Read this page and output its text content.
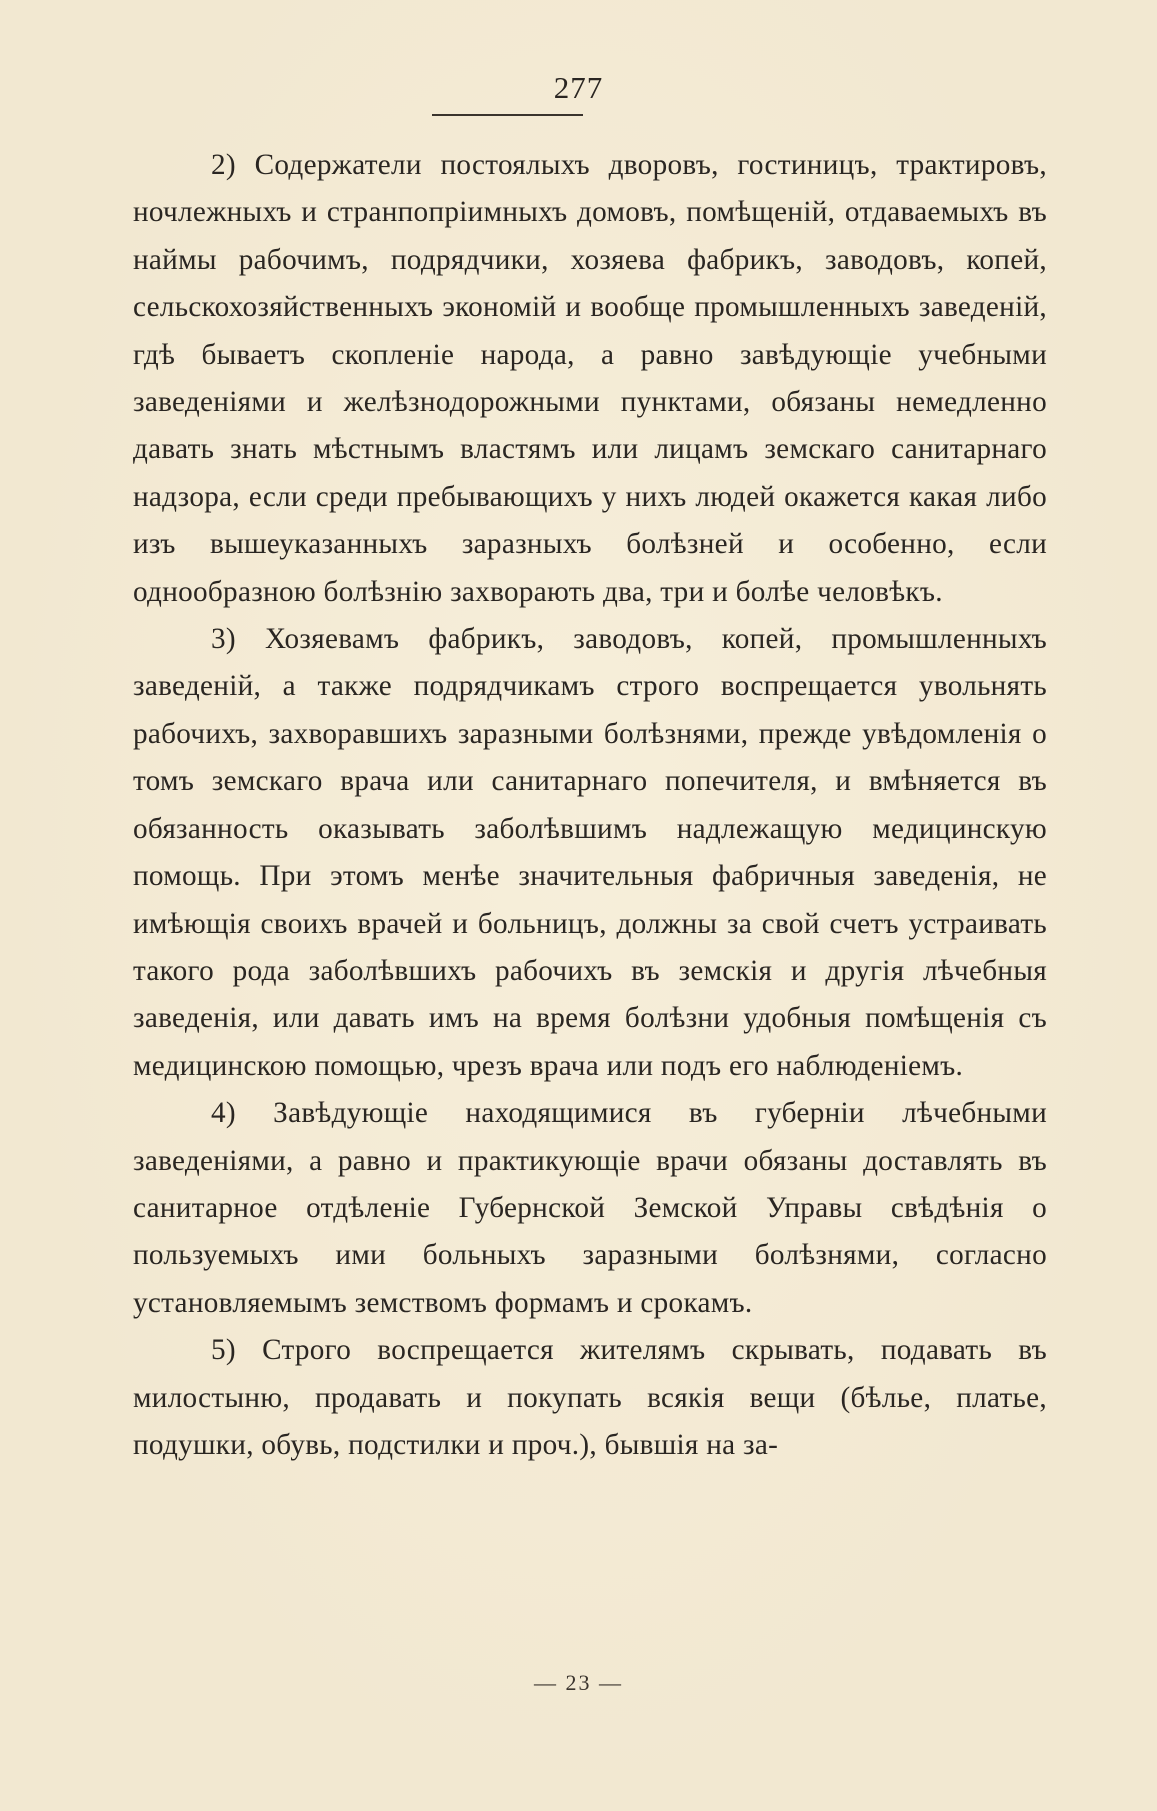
277

2) Содержатели постоялыхъ дворовъ, гостиницъ, трактировъ, ночлежныхъ и странпопріимныхъ домовъ, помѣщеній, отдаваемыхъ въ наймы рабочимъ, подрядчики, хозяева фабрикъ, заводовъ, копей, сельскохозяйственныхъ экономій и вообще промышленныхъ заведеній, гдѣ бываетъ скопленіе народа, а равно завѣдующіе учебными заведеніями и желѣзнодорожными пунктами, обязаны немедленно давать знать мѣстнымъ властямъ или лицамъ земскаго санитарнаго надзора, если среди пребывающихъ у нихъ людей окажется какая либо изъ вышеуказанныхъ заразныхъ болѣзней и особенно, если однообразною болѣзнію захворають два, три и болѣе человѣкъ.

3) Хозяевамъ фабрикъ, заводовъ, копей, промышленныхъ заведеній, а также подрядчикамъ строго воспрещается увольнять рабочихъ, захворавшихъ заразными болѣзнями, прежде увѣдомленія о томъ земскаго врача или санитарнаго попечителя, и вмѣняется въ обязанность оказывать заболѣвшимъ надлежащую медицинскую помощь. При этомъ менѣе значительныя фабричныя заведенія, не имѣющія своихъ врачей и больницъ, должны за свой счетъ устраивать такого рода заболѣвшихъ рабочихъ въ земскія и другія лѣчебныя заведенія, или давать имъ на время болѣзни удобныя помѣщенія съ медицинскою помощью, чрезъ врача или подъ его наблюденіемъ.

4) Завѣдующіе находящимися въ губерніи лѣчебными заведеніями, а равно и практикующіе врачи обязаны доставлять въ санитарное отдѣленіе Губернской Земской Управы свѣдѣнія о пользуемыхъ ими больныхъ заразными болѣзнями, согласно установляемымъ земствомъ формамъ и срокамъ.

5) Строго воспрещается жителямъ скрывать, подавать въ милостыню, продавать и покупать всякія вещи (бѣлье, платье, подушки, обувь, подстилки и проч.), бывшія на за-

— 23 —
